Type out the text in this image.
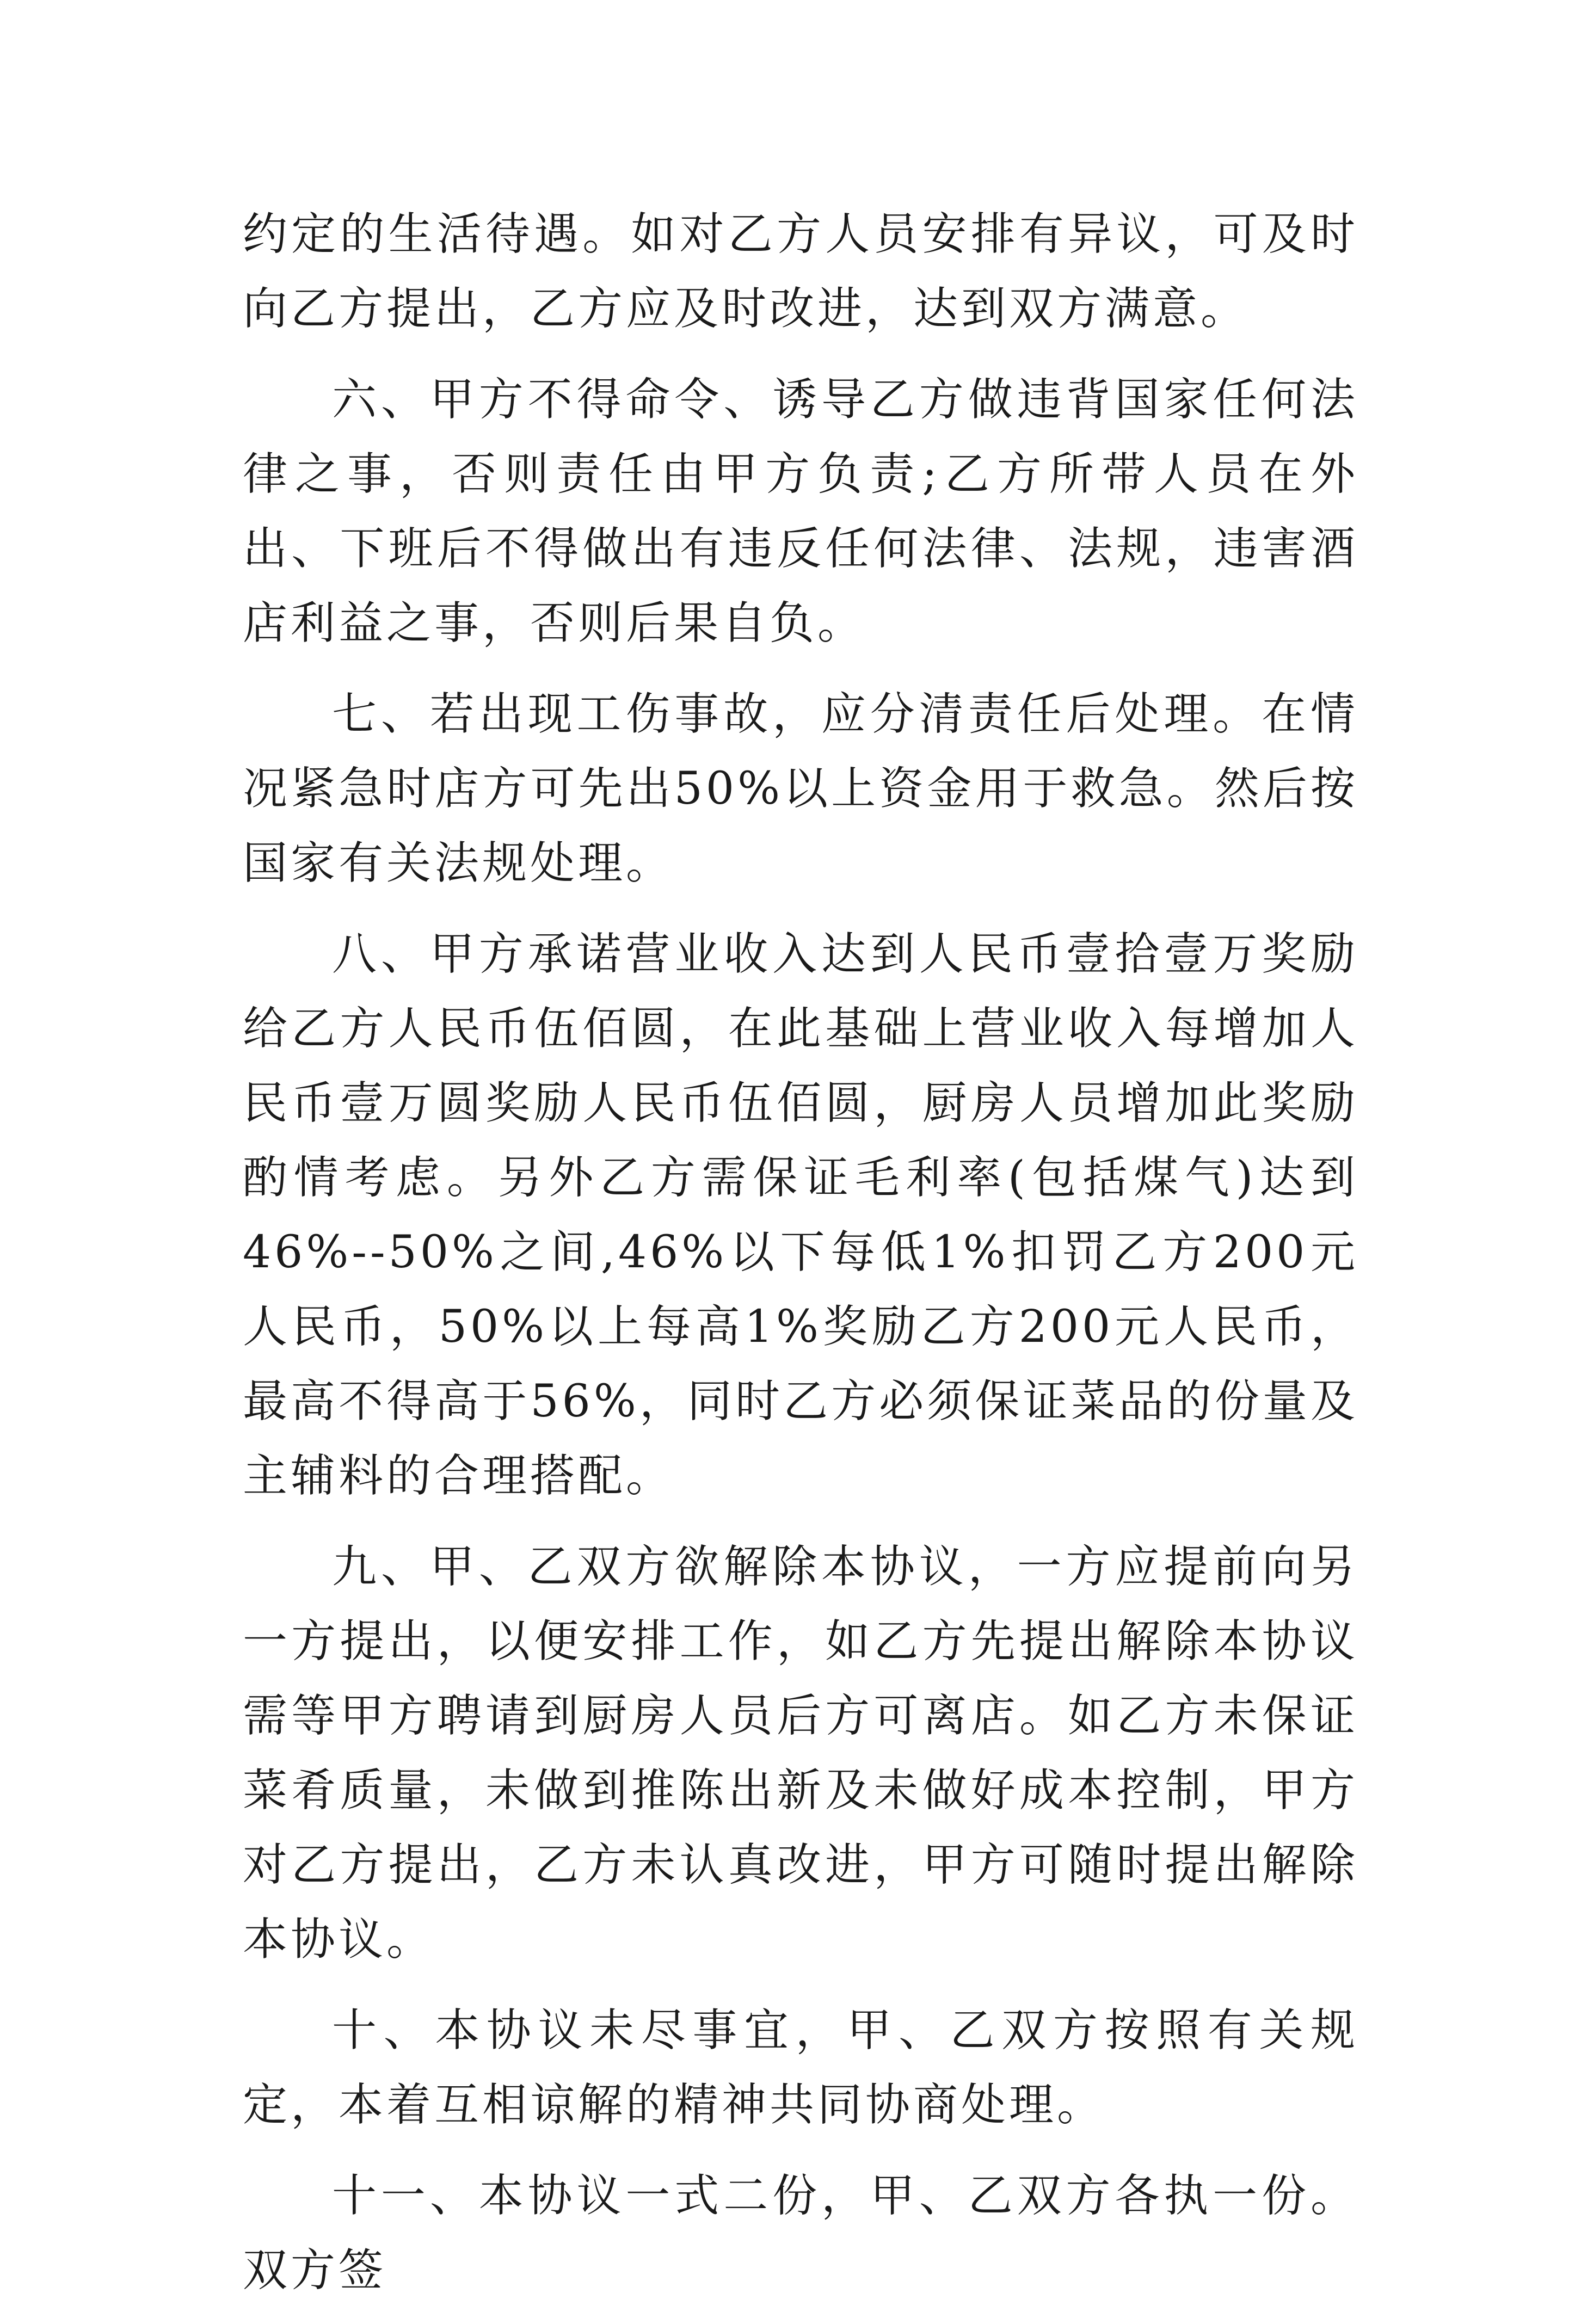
约定的生活待遇。如对乙方人员安排有异议，可及时向乙方提出，乙方应及时改进，达到双方满意。

六、甲方不得命令、诱导乙方做违背国家任何法律之事，否则责任由甲方负责;乙方所带人员在外出、下班后不得做出有违反任何法律、法规，违害酒店利益之事，否则后果自负。

七、若出现工伤事故，应分清责任后处理。在情况紧急时店方可先出50%以上资金用于救急。然后按国家有关法规处理。

八、甲方承诺营业收入达到人民币壹拾壹万奖励给乙方人民币伍佰圆，在此基础上营业收入每增加人民币壹万圆奖励人民币伍佰圆，厨房人员增加此奖励酌情考虑。另外乙方需保证毛利率(包括煤气)达到46%--50%之间,46%以下每低1%扣罚乙方200元人民币，50%以上每高1%奖励乙方200元人民币，最高不得高于56%，同时乙方必须保证菜品的份量及主辅料的合理搭配。

九、甲、乙双方欲解除本协议，一方应提前向另一方提出，以便安排工作，如乙方先提出解除本协议需等甲方聘请到厨房人员后方可离店。如乙方未保证菜肴质量，未做到推陈出新及未做好成本控制，甲方对乙方提出，乙方未认真改进，甲方可随时提出解除本协议。

十、本协议未尽事宜，甲、乙双方按照有关规定，本着互相谅解的精神共同协商处理。

十一、本协议一式二份，甲、乙双方各执一份。双方签
